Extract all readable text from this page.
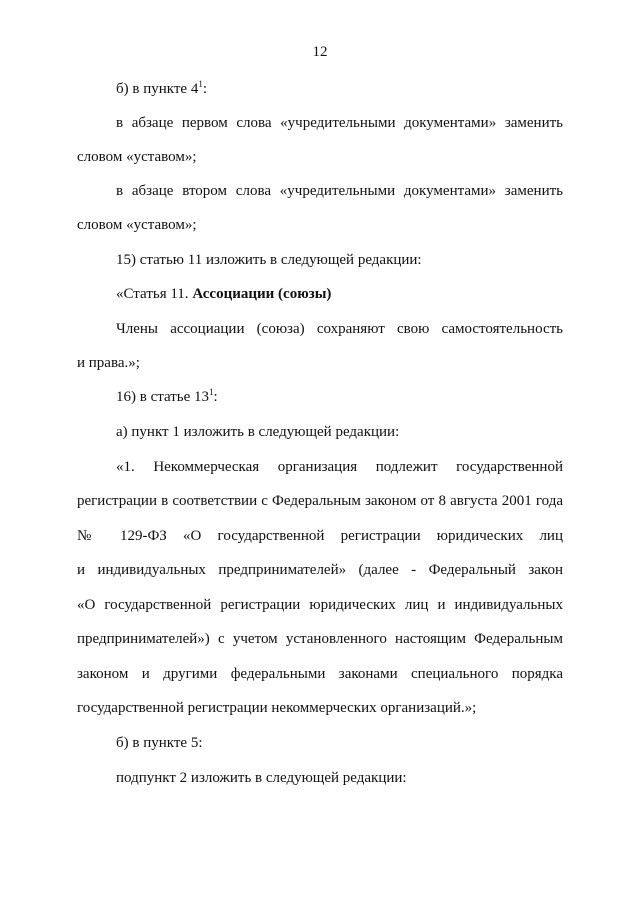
12
б) в пункте $4^1$:
в абзаце первом слова «учредительными документами» заменить
словом «уставом»;
в абзаце втором слова «учредительными документами» заменить
словом «уставом»;
15) статью 11 изложить в следующей редакции:
«Статья 11. Ассоциации (союзы)
Члены ассоциации (союза) сохраняют свою самостоятельность
и права.»;
16) в статье $13^1$:
а) пункт 1 изложить в следующей редакции:
«1. Некоммерческая организация подлежит государственной
регистрации в соответствии с Федеральным законом от 8 августа 2001 года
№ 129-ФЗ «О государственной регистрации юридических лиц
и индивидуальных предпринимателей» (далее - Федеральный закон
«О государственной регистрации юридических лиц и индивидуальных
предпринимателей») с учетом установленного настоящим Федеральным
законом и другими федеральными законами специального порядка
государственной регистрации некоммерческих организаций.»;
б) в пункте 5:
подпункт 2 изложить в следующей редакции:
